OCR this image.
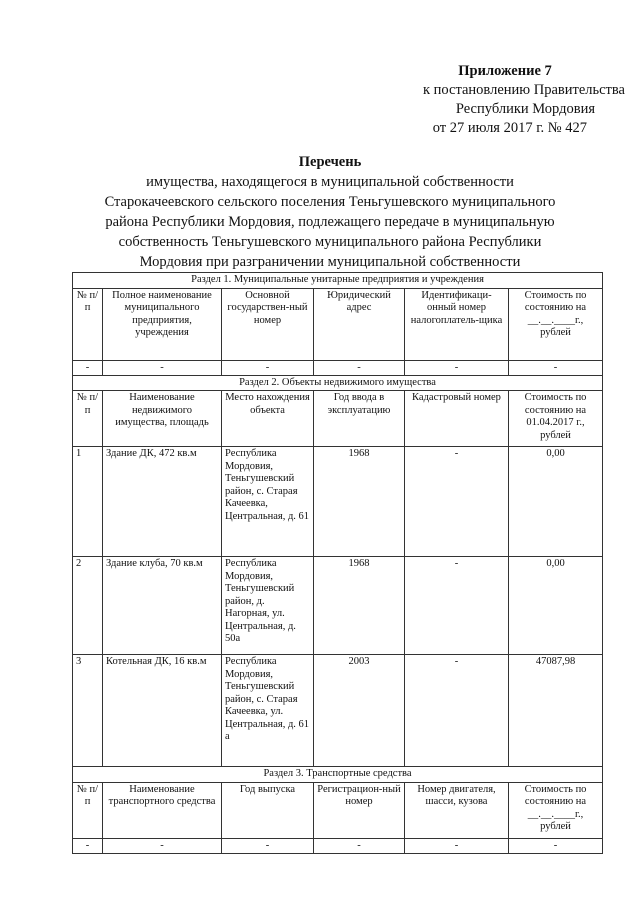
Приложение 7
к постановлению Правительства
Республики Мордовия
от 27 июля 2017 г. № 427
Перечень
имущества, находящегося в муниципальной собственности
Старокачеевского сельского поселения Теньгушевского муниципального
района Республики Мордовия, подлежащего передаче в муниципальную
собственность Теньгушевского муниципального района Республики
Мордовия при разграничении муниципальной собственности
Раздел 1. Муниципальные унитарные предприятия и учреждения					
№ п/п	Полное наименование муниципального предприятия, учреждения	Основной государствен-ный номер	Юридический адрес	Идентификаци-онный номер налогоплатель-щика	Стоимость по состоянию на __.__.____г., рублей
-	-	-	-	-	-
Раздел 2. Объекты недвижимого имущества					
№ п/п	Наименование недвижимого имущества, площадь	Место нахождения объекта	Год ввода в эксплуатацию	Кадастровый номер	Стоимость по состоянию на 01.04.2017 г., рублей
1	Здание ДК, 472 кв.м	Республика Мордовия, Теньгушевский район, с. Старая Качеевка, Центральная, д. 61	1968	-	0,00
2	Здание клуба, 70 кв.м	Республика Мордовия, Теньгушевский район, д. Нагорная, ул. Центральная, д. 50а	1968	-	0,00
3	Котельная ДК, 16 кв.м	Республика Мордовия, Теньгушевский район, с. Старая Качеевка, ул. Центральная, д. 61 а	2003	-	47087,98
Раздел 3. Транспортные средства					
№ п/п	Наименование транспортного средства	Год выпуска	Регистрацион-ный номер	Номер двигателя, шасси, кузова	Стоимость по состоянию на __.__.____г., рублей
-	-	-	-	-	-
